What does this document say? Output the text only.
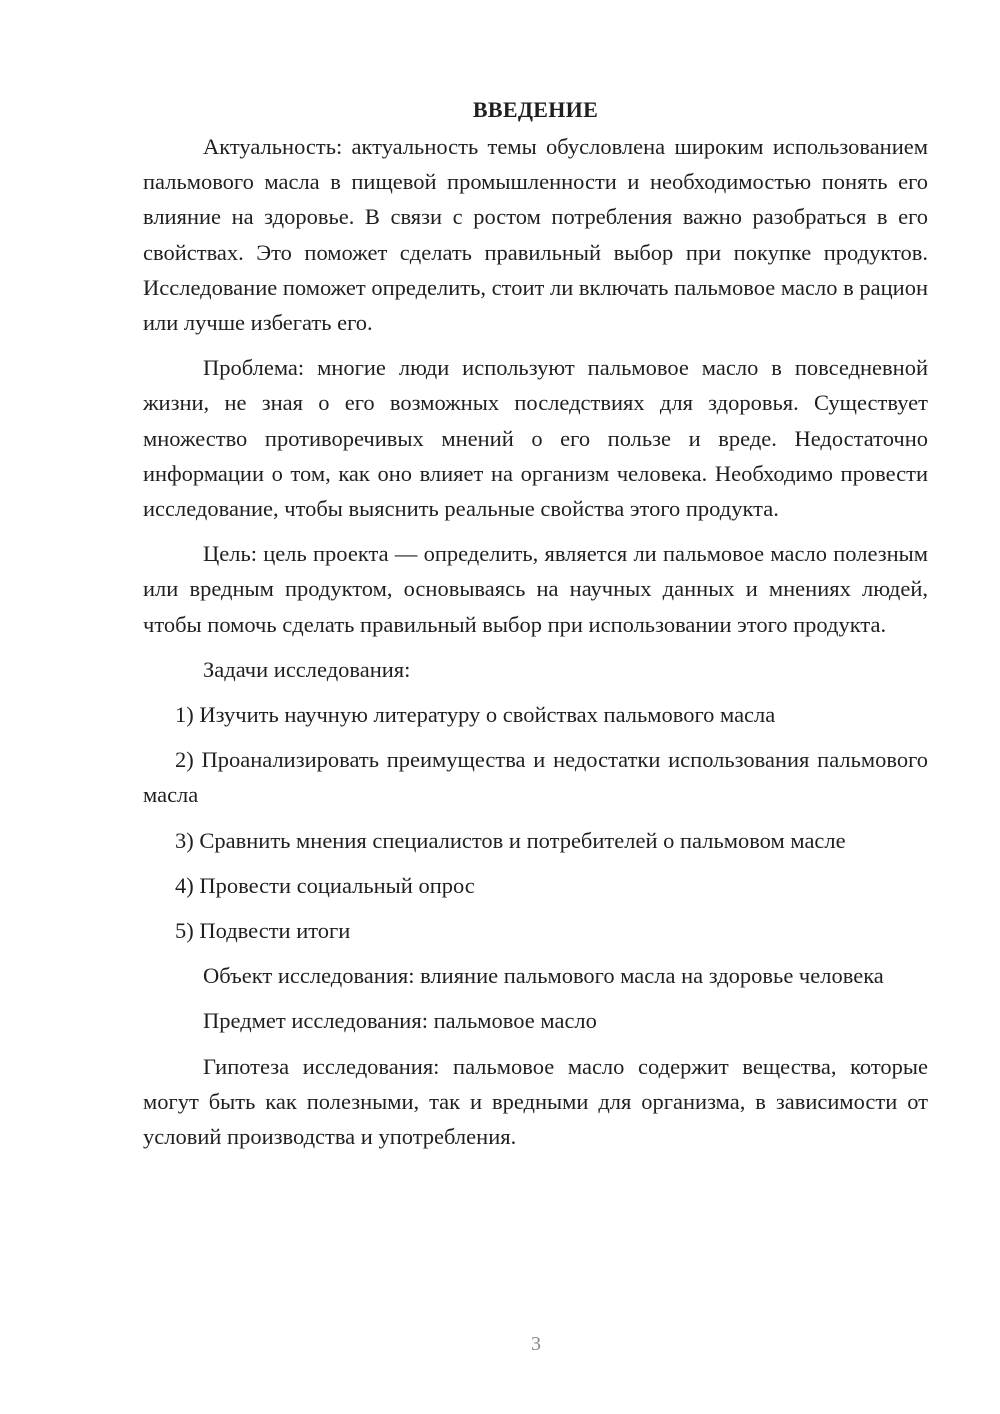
ВВЕДЕНИЕ

Актуальность: актуальность темы обусловлена широким использованием пальмового масла в пищевой промышленности и необходимостью понять его влияние на здоровье. В связи с ростом потребления важно разобраться в его свойствах. Это поможет сделать правильный выбор при покупке продуктов. Исследование поможет определить, стоит ли включать пальмовое масло в рацион или лучше избегать его.

Проблема: многие люди используют пальмовое масло в повседневной жизни, не зная о его возможных последствиях для здоровья. Существует множество противоречивых мнений о его пользе и вреде. Недостаточно информации о том, как оно влияет на организм человека. Необходимо провести исследование, чтобы выяснить реальные свойства этого продукта.

Цель: цель проекта — определить, является ли пальмовое масло полезным или вредным продуктом, основываясь на научных данных и мнениях людей, чтобы помочь сделать правильный выбор при использовании этого продукта.

Задачи исследования:

1) Изучить научную литературу о свойствах пальмового масла

2) Проанализировать преимущества и недостатки использования пальмового масла

3) Сравнить мнения специалистов и потребителей о пальмовом масле

4) Провести социальный опрос

5) Подвести итоги

Объект исследования: влияние пальмового масла на здоровье человека

Предмет исследования: пальмовое масло

Гипотеза исследования: пальмовое масло содержит вещества, которые могут быть как полезными, так и вредными для организма, в зависимости от условий производства и употребления.

3
